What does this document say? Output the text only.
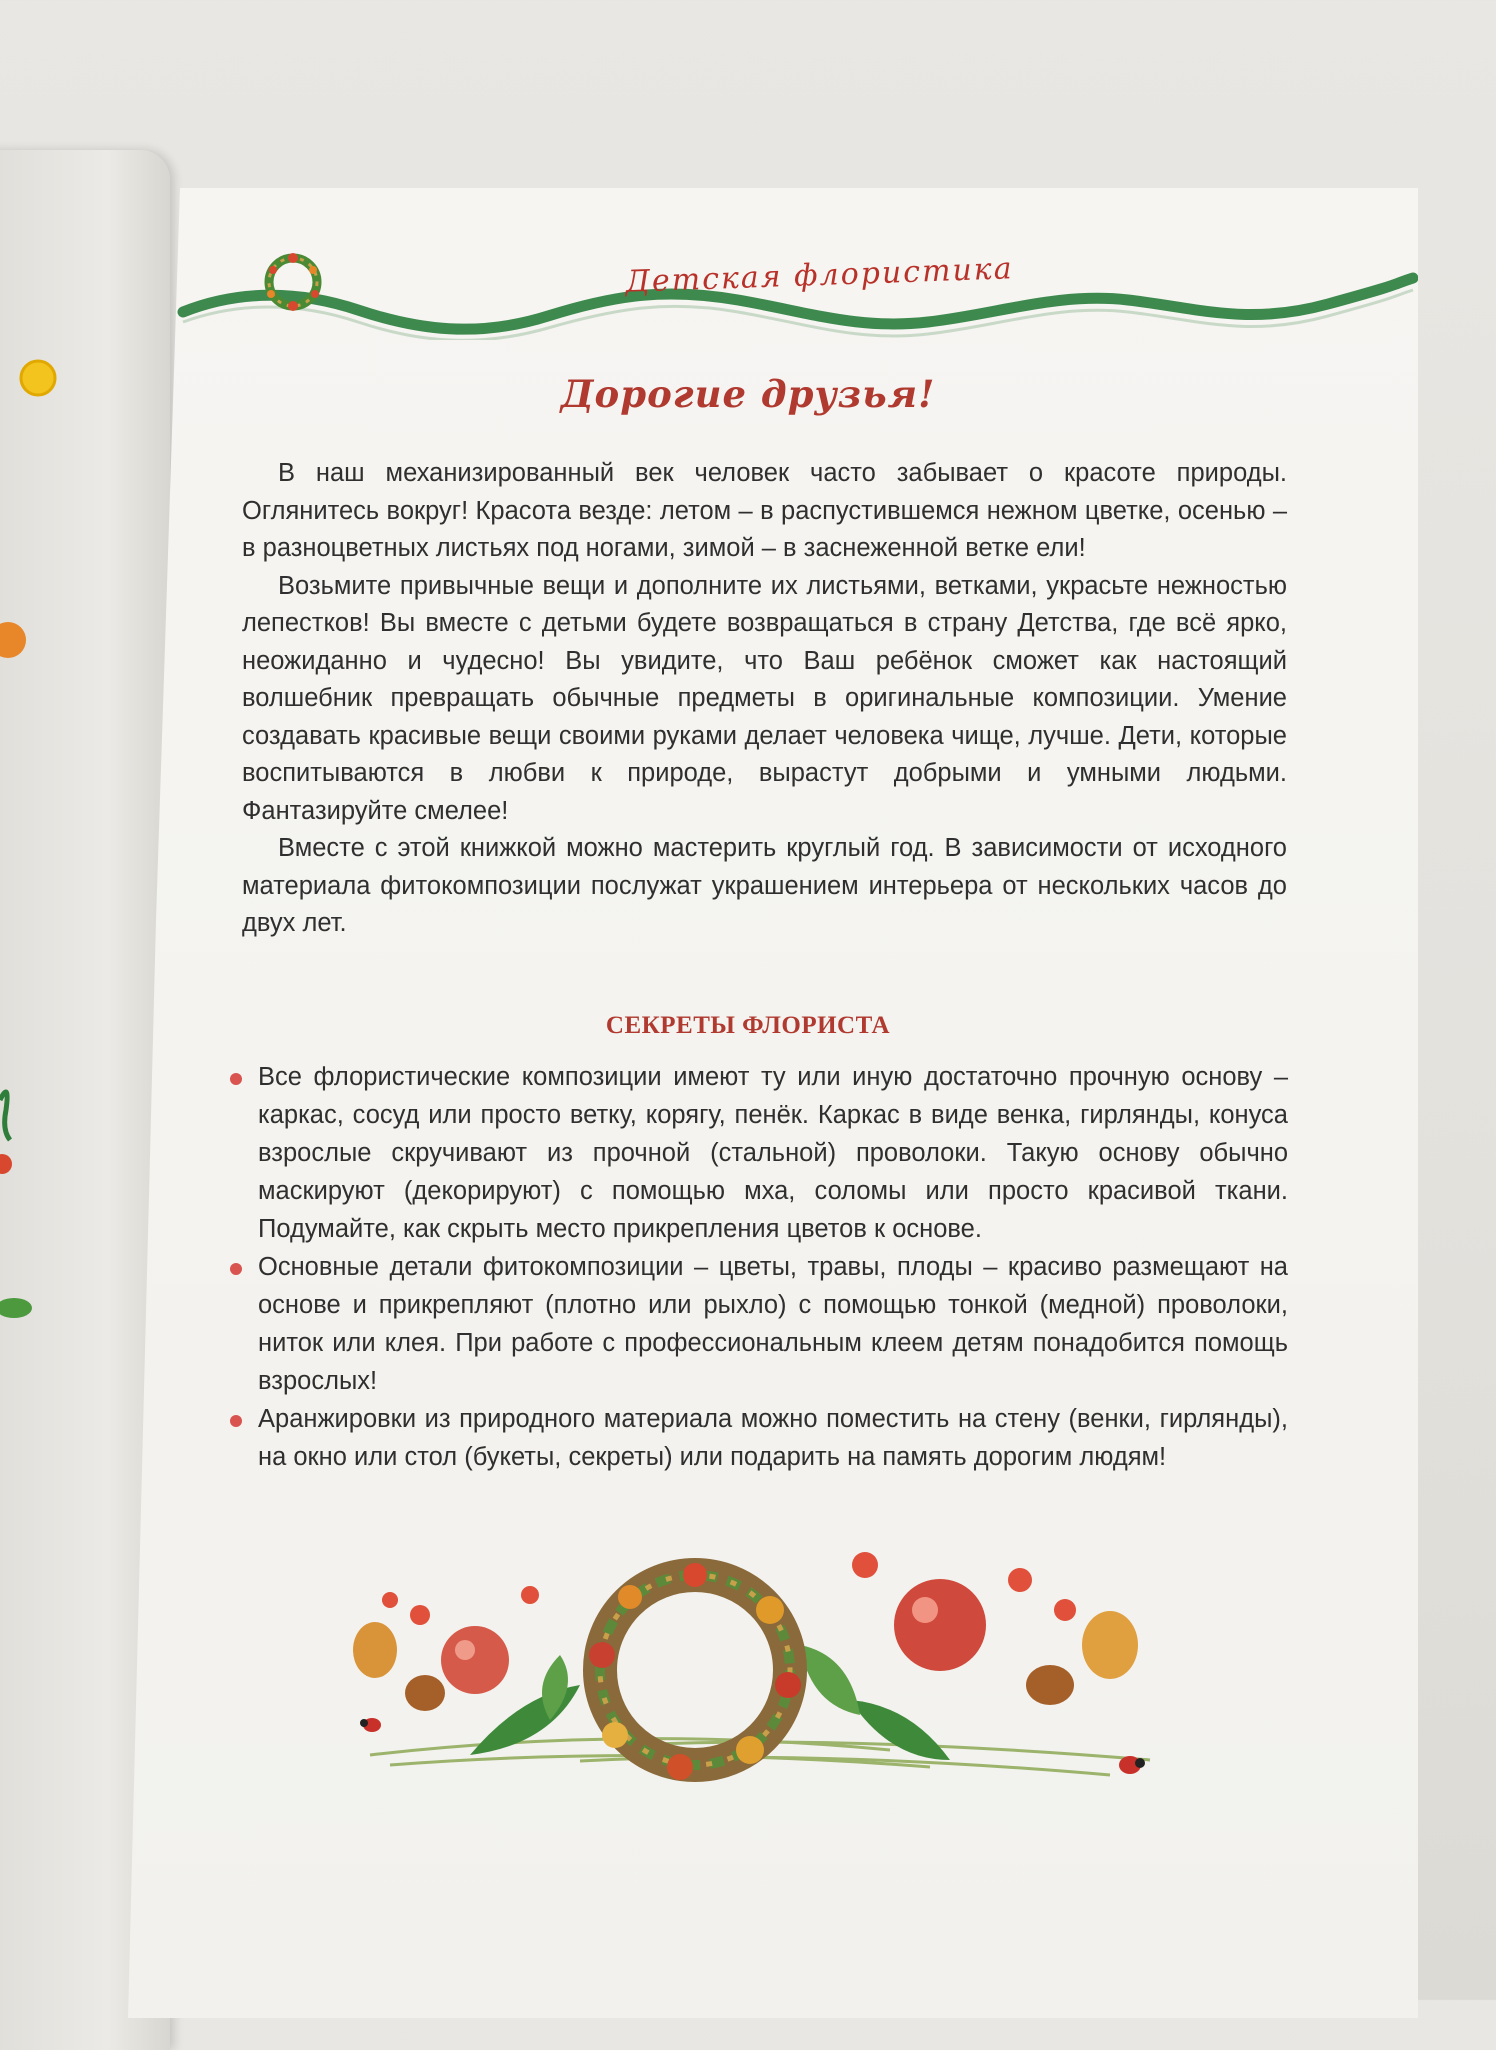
Детская флористика
Дорогие друзья!

В наш механизированный век человек часто забывает о красоте природы. Оглянитесь вокруг! Красота везде: летом – в распустившемся нежном цветке, осенью – в разноцветных листьях под ногами, зимой – в заснеженной ветке ели!

Возьмите привычные вещи и дополните их листьями, ветками, украсьте нежностью лепестков! Вы вместе с детьми будете возвращаться в страну Детства, где всё ярко, неожиданно и чудесно! Вы увидите, что Ваш ребёнок сможет как настоящий волшебник превращать обычные предметы в оригинальные композиции. Умение создавать красивые вещи своими руками делает человека чище, лучше. Дети, которые воспитываются в любви к природе, вырастут добрыми и умными людьми. Фантазируйте смелее!

Вместе с этой книжкой можно мастерить круглый год. В зависимости от исходного материала фитокомпозиции послужат украшением интерьера от нескольких часов до двух лет.

СЕКРЕТЫ ФЛОРИСТА
Все флористические композиции имеют ту или иную достаточно прочную основу – каркас, сосуд или просто ветку, корягу, пенёк. Каркас в виде венка, гирлянды, конуса взрослые скручивают из прочной (стальной) проволоки. Такую основу обычно маскируют (декорируют) с помощью мха, соломы или просто красивой ткани. Подумайте, как скрыть место прикрепления цветов к основе.
Основные детали фитокомпозиции – цветы, травы, плоды – красиво размещают на основе и прикрепляют (плотно или рыхло) с помощью тонкой (медной) проволоки, ниток или клея. При работе с профессиональным клеем детям понадобится помощь взрослых!
Аранжировки из природного материала можно поместить на стену (венки, гирлянды), на окно или стол (букеты, секреты) или подарить на память дорогим людям!
